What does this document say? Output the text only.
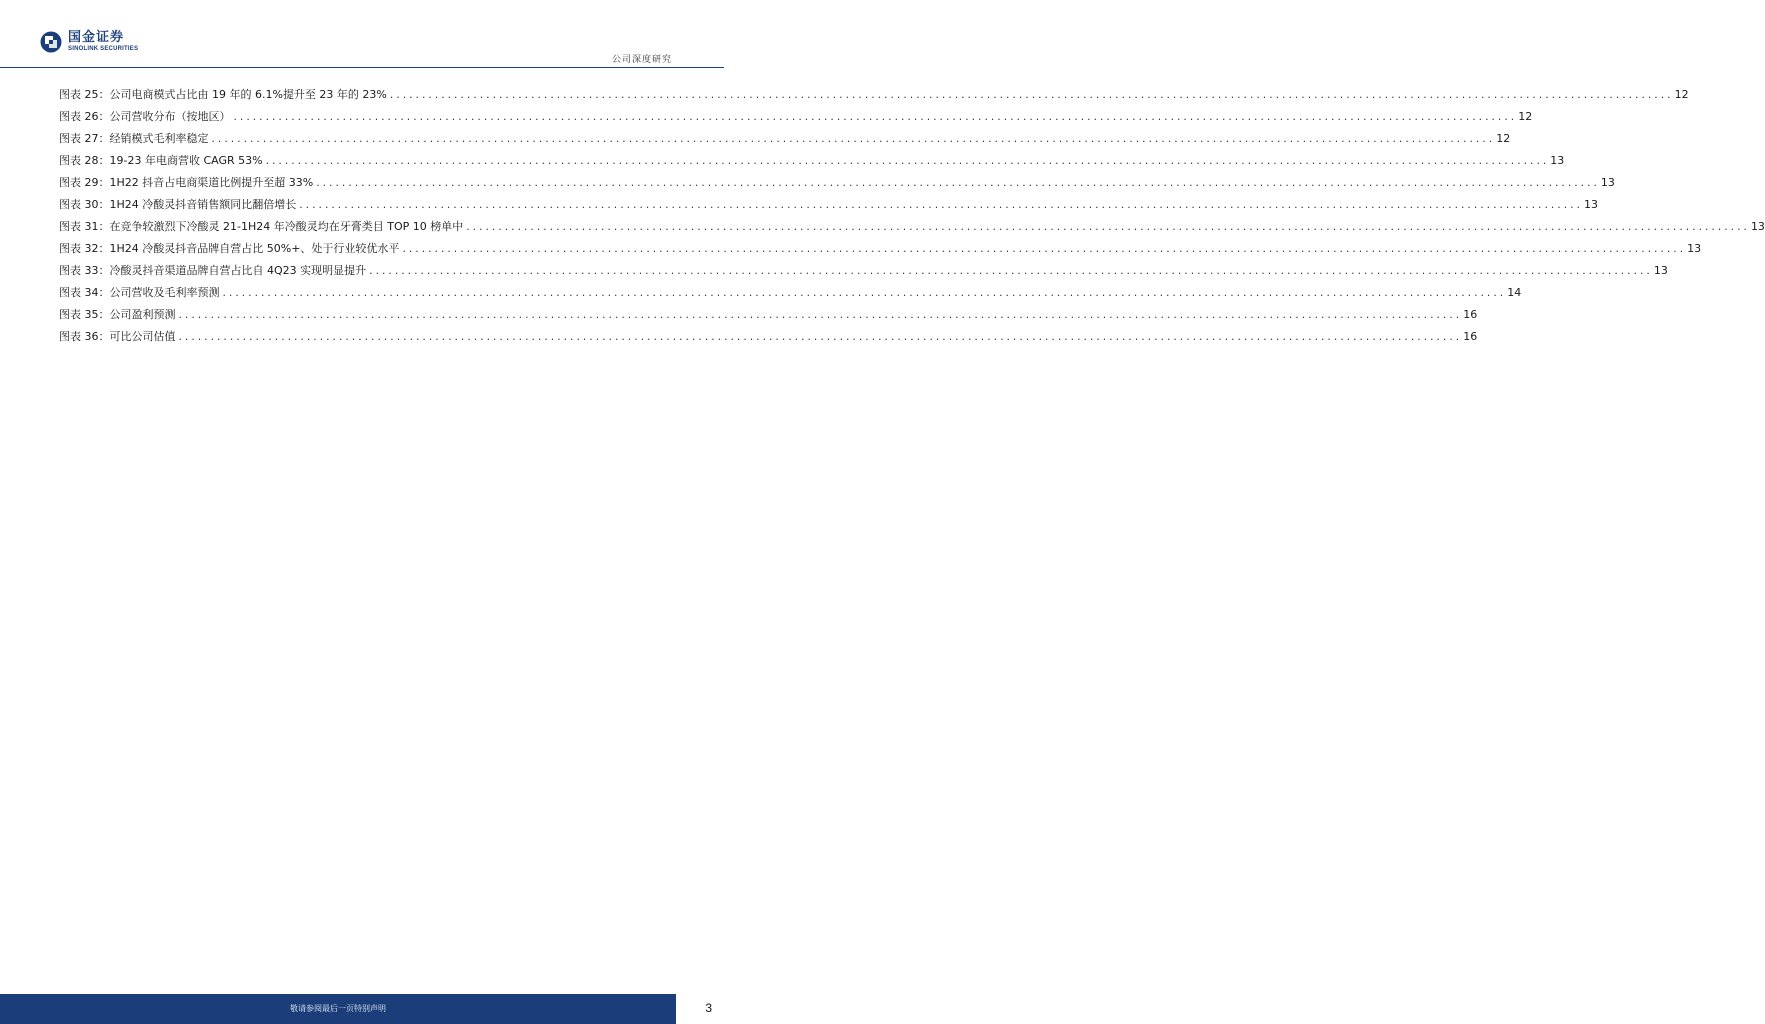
国金证券
SINOLINK SECURITIES
公司深度研究
图表 25： 公司电商模式占比由 19 年的 6.1%提升至 23 年的 23% ........................................................................................................................................................................................................ 12
图表 26： 公司营收分布（按地区） ........................................................................................................................................................................................................ 12
图表 27： 经销模式毛利率稳定 ........................................................................................................................................................................................................ 12
图表 28： 19-23 年电商营收 CAGR 53% ........................................................................................................................................................................................................ 13
图表 29： 1H22 抖音占电商渠道比例提升至超 33% ........................................................................................................................................................................................................ 13
图表 30： 1H24 冷酸灵抖音销售额同比翻倍增长 ........................................................................................................................................................................................................ 13
图表 31： 在竞争较激烈下冷酸灵 21-1H24 年冷酸灵均在牙膏类目 TOP 10 榜单中 ........................................................................................................................................................................................................ 13
图表 32： 1H24 冷酸灵抖音品牌自营占比 50%+、处于行业较优水平 ........................................................................................................................................................................................................ 13
图表 33： 冷酸灵抖音渠道品牌自营占比自 4Q23 实现明显提升 ........................................................................................................................................................................................................ 13
图表 34： 公司营收及毛利率预测 ........................................................................................................................................................................................................ 14
图表 35： 公司盈利预测 ........................................................................................................................................................................................................ 16
图表 36： 可比公司估值 ........................................................................................................................................................................................................ 16
敬请参阅最后一页特别声明	3
